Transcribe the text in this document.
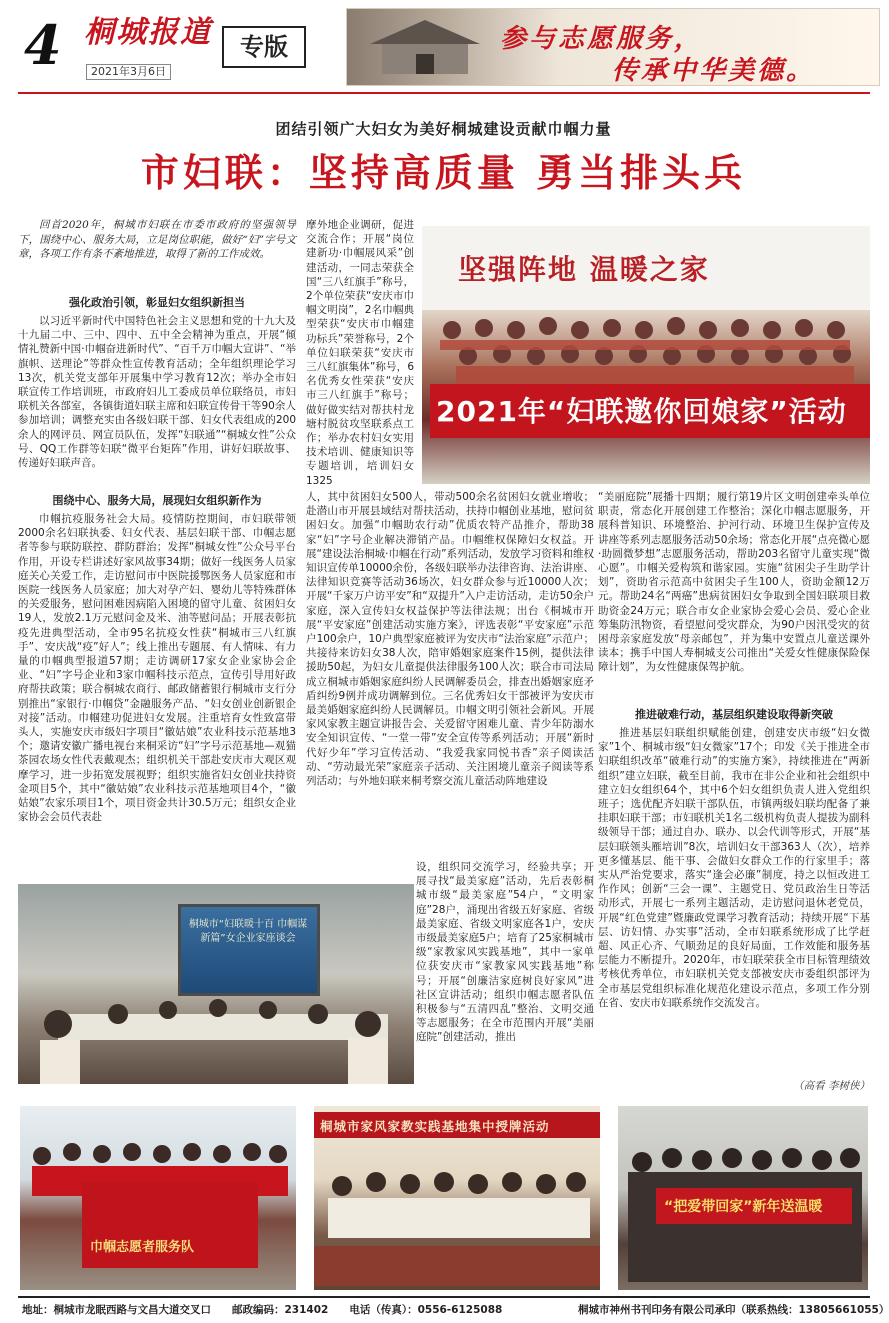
4 桐城报道	专版
2021年3月6日
参与志愿服务，
传承中华美德。
团结引领广大妇女为美好桐城建设贡献巾帼力量
市妇联：坚持高质量 勇当排头兵
回首2020年，桐城市妇联在市委市政府的坚强领导下，围绕中心、服务大局，立足岗位职能，做好“妇”字号文章，各项工作有条不紊地推进，取得了新的工作成效。
强化政治引领，彰显妇女组织新担当

以习近平新时代中国特色社会主义思想和党的十九大及十九届二中、三中、四中、五中全会精神为重点，开展“倾情礼赞新中国·巾帼奋进新时代”、“百千万巾帼大宣讲”、“举旗帜、送理论”等群众性宣传教育活动；全年组织理论学习13次，机关党支部年开展集中学习教育12次；举办全市妇联宣传工作培训班，市政府妇儿工委成员单位联络员，市妇联机关各部室，各镇街道妇联主席和妇联宣传骨干等90余人参加培训；调整充实由各级妇联干部、妇女代表组成的200余人的网评员、网宣员队伍，发挥“妇联通”“桐城女性”公众号、QQ工作群等妇联“微平台矩阵”作用，讲好妇联故事、传递好妇联声音。

围绕中心、服务大局，展现妇女组织新作为

巾帼抗疫服务社会大局。疫情防控期间，市妇联带领2000余名妇联执委、妇女代表、基层妇联干部、巾帼志愿者等参与联防联控、群防群治；发挥“桐城女性”公众号平台作用，开设专栏讲述好家风故事34期；做好一线医务人员家庭关心关爱工作，走访慰问市中医院援鄂医务人员家庭和市医院一线医务人员家庭；加大对孕产妇、婴幼儿等特殊群体的关爱服务，慰问困难因病陷入困境的留守儿童、贫困妇女19人，发放2.1万元慰问金及米、油等慰问品；开展表彰抗疫先进典型活动，全市95名抗疫女性获“桐城市三八红旗手”、安庆战“疫”好人”；线上推出专题展、有人情味、有力量的巾帼典型报道57期；走访调研17家女企业家协会企业、“妇”字号企业和3家巾帼科技示范点，宣传引导用好政府帮扶政策；联合桐城农商行、邮政储蓄银行桐城市支行分别推出“家银行·巾帼贷”金融服务产品、“妇女创业创新银企对接”活动。巾帼建功促进妇女发展。注重培育女性致富带头人，实施安庆市级妇字项目“徽姑娘”农业科技示范基地3个；邀请安徽广播电视台来桐采访“妇”字号示范基地—观猫茶园农场女性代表戴观杰；组织机关干部赴安庆市大观区观摩学习，进一步拓宽发展视野；组织实施省妇女创业扶持资金项目5个，其中“徽姑娘”农业科技示范基地项目4个，“徽姑娘”农家乐项目1个，项目资金共计30.5万元；组织女企业家协会会员代表赴

摩外地企业调研，促进交流合作；开展“岗位建新功·巾帼展风采”创建活动，一同志荣获全国“三八红旗手”称号，2个单位荣获“安庆市巾帼文明岗”，2名巾帼典型荣获“安庆市巾帼建功标兵”荣誉称号，2个单位妇联荣获“安庆市三八红旗集体”称号，6名优秀女性荣获“安庆市三八红旗手”称号；做好做实结对帮扶村龙塘村脱贫攻坚联系点工作；举办农村妇女实用技术培训、健康知识等专题培训，培训妇女1325

人，其中贫困妇女500人，带动500余名贫困妇女就业增收；赴潜山市开展县域结对帮扶活动，扶持巾帼创业基地，慰问贫困妇女。加强“巾帼助农行动”优质农特产品推介，帮助38家“妇”字号企业解决滞销产品。巾帼维权保障妇女权益。开展“建设法治桐城·巾帼在行动”系列活动，发放学习资料和维权知识宣传单10000余份，各级妇联举办法律咨询、法治讲座、法律知识竞赛等活动36场次，妇女群众参与近10000人次；开展“千家万户访平安”和“双提升”入户走访活动，走访50余户家庭，深入宣传妇女权益保护等法律法规；出台《桐城市开展“平安家庭”创建活动实施方案》，评选表彰“平安家庭”示范户100余户，10户典型家庭被评为安庆市“法治家庭”示范户；共接待来访妇女38人次，陪审婚姻家庭案件15例，提供法律援助50起，为妇女儿童提供法律服务100人次；联合市司法局成立桐城市婚姻家庭纠纷人民调解委员会，排查出婚姻家庭矛盾纠纷9例并成功调解到位。三名优秀妇女干部被评为安庆市最美婚姻家庭纠纷人民调解员。巾帼文明引领社会新风。开展家风家教主题宣讲报告会、关爱留守困难儿童、青少年防溺水安全知识宣传、“一堂一带”安全宣传等系列活动；开展“新时代好少年”学习宣传活动、“我爱我家同悦书香”亲子阅读活动、“劳动最光荣”家庭亲子活动、关注困境儿童亲子阅读等系列活动；与外地妇联来桐考察交流儿童活动阵地建设

设，组织同交流学习，经验共享；开展寻找“最美家庭”活动，先后表彰桐城市级“最美家庭”54户，“文明家庭”28户，涌现出省级五好家庭、省级最美家庭、省级文明家庭各1户，安庆市级最美家庭5户；培育了25家桐城市级“家教家风实践基地”，其中一家单位获安庆市“家教家风实践基地”称号；开展“创廉洁家庭树良好家风”进社区宣讲活动；组织巾帼志愿者队伍积极参与“五清四乱”整治、文明交通等志愿服务；在全市范围内开展“美丽庭院”创建活动，推出

“美丽庭院”展播十四期；履行第19片区文明创建牵头单位职责，常态化开展创建工作整治；深化巾帼志愿服务，开展科普知识、环境整治、护河行动、环境卫生保护宣传及讲座等系列志愿服务活动50余场；常态化开展“点亮微心愿·助圆微梦想”志愿服务活动，帮助203名留守儿童实现“微心愿”。巾帼关爱构筑和谐家园。实施“贫困尖子生助学计划”，资助省示范高中贫困尖子生100人，资助金额12万元。帮助24名“两癌”患病贫困妇女争取到全国妇联项目救助资金24万元；联合市女企业家协会爱心会员、爱心企业筹集防汛物资，看望慰问受灾群众，为90户因汛受灾的贫困母亲家庭发放“母亲邮包”，并为集中安置点儿童送课外读本；携手中国人寿桐城支公司推出“关爱女性健康保险保障计划”，为女性健康保驾护航。

推进破难行动，基层组织建设取得新突破

推进基层妇联组织赋能创建，创建安庆市级“妇女微家”1个、桐城市级“妇女微家”17个；印发《关于推进全市妇联组织改革“破难行动”的实施方案》，持续推进在“两新组织”建立妇联，截至目前，我市在非公企业和社会组织中建立妇女组织64个，其中6个妇女组织负责人进入党组织班子；选优配齐妇联干部队伍，市镇两级妇联均配备了兼挂职妇联干部；市妇联机关1名二级机构负责人提拔为副科级领导干部；通过自办、联办、以会代训等形式，开展“基层妇联领头雁培训”8次，培训妇女干部363人（次），培养更多懂基层、能干事、会做妇女群众工作的行家里手；落实从严治党要求，落实“逢会必廉”制度，持之以恒改进工作作风；创新“三会一课”、主题党日、党员政治生日等活动形式，开展七一系列主题活动，走访慰问退休老党员，开展“红色党建”暨廉政党课学习教育活动；持续开展“下基层、访妇情、办实事”活动，全市妇联系统形成了比学赶超、风正心齐、气顺劲足的良好局面，工作效能和服务基层能力不断提升。2020年，市妇联荣获全市目标管理绩效考核优秀单位，市妇联机关党支部被安庆市委组织部评为全市基层党组织标准化规范化建设示范点，多项工作分别在省、安庆市妇联系统作交流发言。

（高看 李树侠）
坚强阵地 温暖之家
2021年“妇联邀你回娘家”活动
桐城市“妇联暖十百 巾帼谋新篇”女企业家座谈会
巾帼志愿者服务队
桐城市家风家教实践基地集中授牌活动
“把爱带回家”新年送温暖
地址：桐城市龙眠西路与文昌大道交叉口　　邮政编码：231402　　电话（传真）：0556-6125088	桐城市神州书刊印务有限公司承印（联系热线：13805661055）
